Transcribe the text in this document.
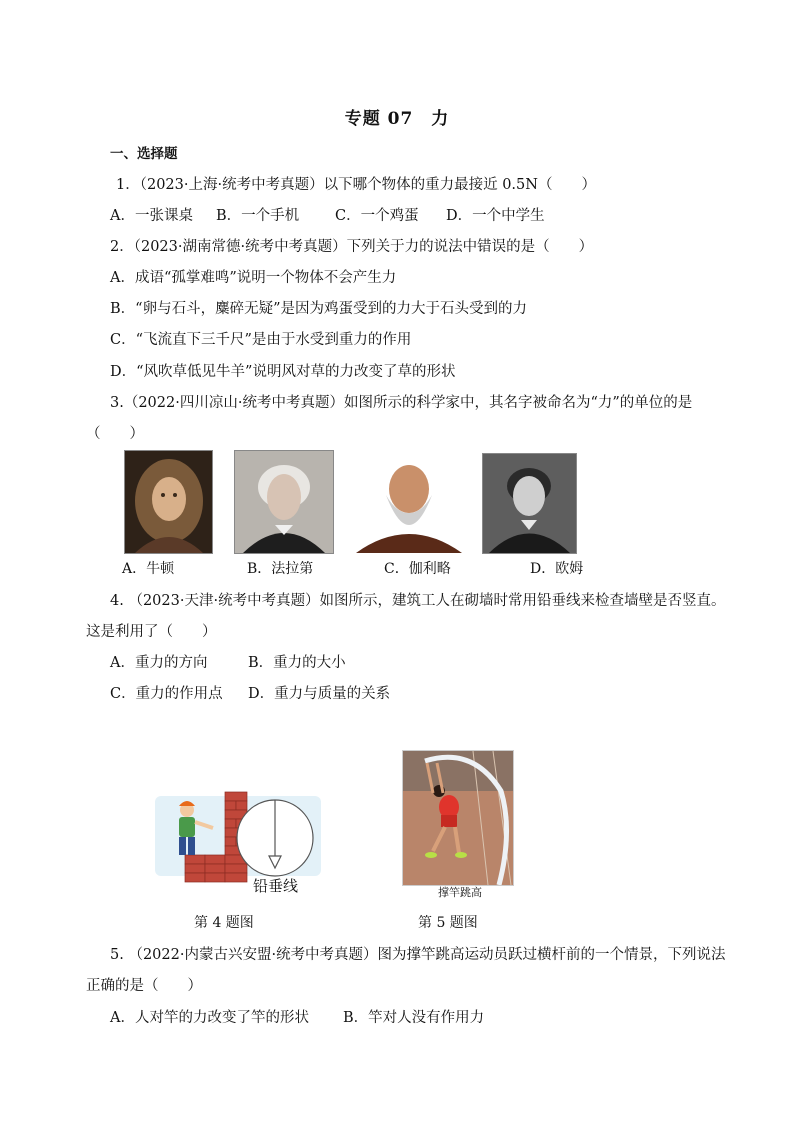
专题 07　力
一、选择题
1．（2023·上海·统考中考真题）以下哪个物体的重力最接近 0.5N（　　）
A．一张课桌 B．一个手机 C．一个鸡蛋 D．一个中学生
2．（2023·湖南常德·统考中考真题）下列关于力的说法中错误的是（　　）
A．成语“孤掌难鸣”说明一个物体不会产生力
B．“卵与石斗，麋碎无疑”是因为鸡蛋受到的力大于石头受到的力
C．“飞流直下三千尺”是由于水受到重力的作用
D．“风吹草低见牛羊”说明风对草的力改变了草的形状
3.（2022·四川凉山·统考中考真题）如图所示的科学家中，其名字被命名为“力”的单位的是
（　　）
A．牛顿	B．法拉第	C．伽利略	D．欧姆
4. （2023·天津·统考中考真题）如图所示，建筑工人在砌墙时常用铅垂线来检查墙壁是否竖直。
这是利用了（　　）
A．重力的方向	B．重力的大小
C．重力的作用点 D．重力与质量的关系
铅垂线	撑竿跳高
第 4 题图	第 5 题图
5. （2022·内蒙古兴安盟·统考中考真题）图为撑竿跳高运动员跃过横杆前的一个情景，下列说法
正确的是（　　）
A．人对竿的力改变了竿的形状 B．竿对人没有作用力
